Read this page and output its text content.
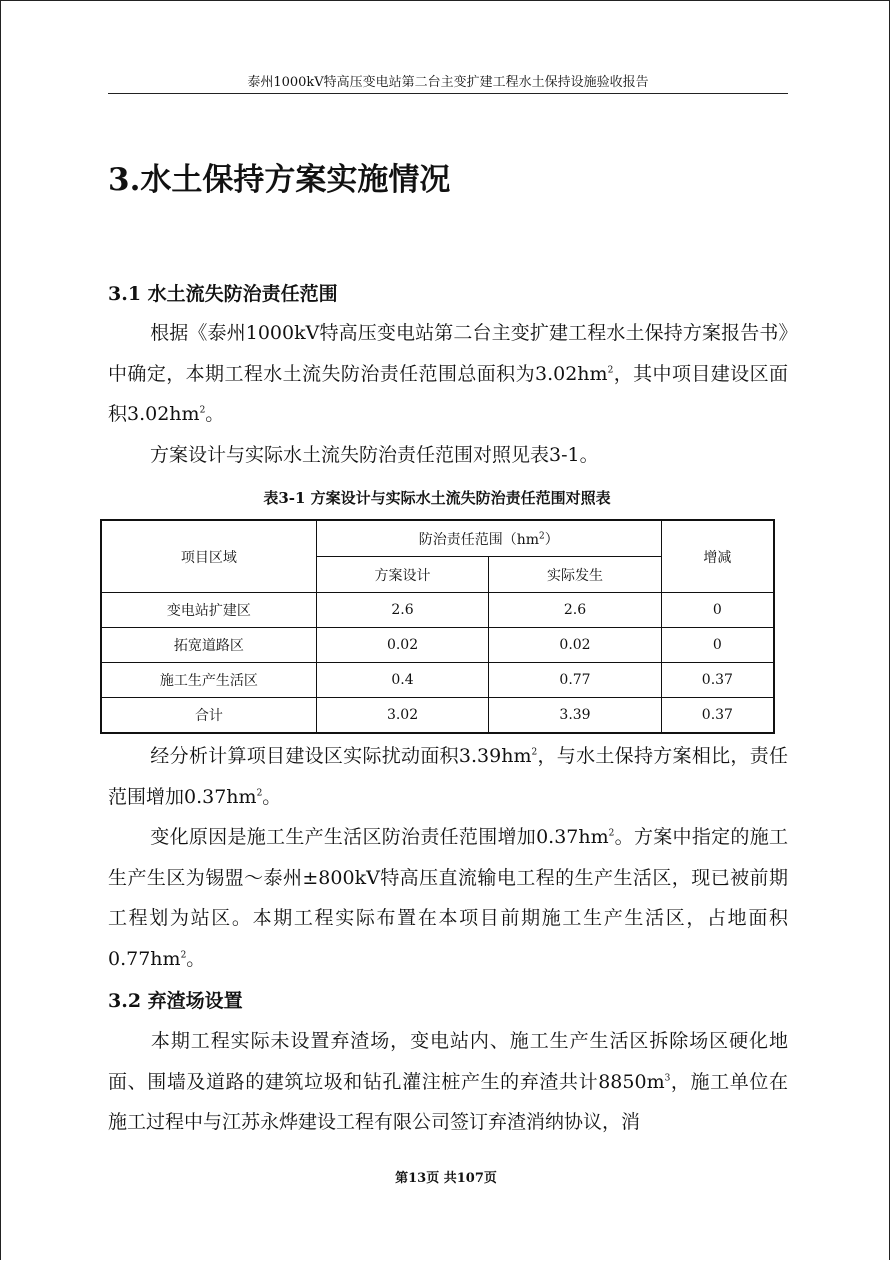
泰州1000kV特高压变电站第二台主变扩建工程水土保持设施验收报告
3.水土保持方案实施情况
3.1 水土流失防治责任范围

根据《泰州1000kV特高压变电站第二台主变扩建工程水土保持方案报告书》中确定，本期工程水土流失防治责任范围总面积为$3.02hm^2$，其中项目建设区面积$3.02hm^2$。

方案设计与实际水土流失防治责任范围对照见表3-1。

表3-1 方案设计与实际水土流失防治责任范围对照表
项目区域	防治责任范围$(hm^2)$		增减
	方案设计	实际发生	
变电站扩建区	2.6	2.6	0
拓宽道路区	0.02	0.02	0
施工生产生活区	0.4	0.77	0.37
合计	3.02	3.39	0.37

经分析计算项目建设区实际扰动面积$3.39hm^2$，与水土保持方案相比，责任范围增加$0.37hm^2$。

变化原因是施工生产生活区防治责任范围增加$0.37hm^2$。方案中指定的施工生产生区为锡盟～泰州±800kV特高压直流输电工程的生产生活区，现已被前期工程划为站区。本期工程实际布置在本项目前期施工生产生活区，占地面积$0.77hm^2$。

3.2 弃渣场设置

本期工程实际未设置弃渣场，变电站内、施工生产生活区拆除场区硬化地面、围墙及道路的建筑垃圾和钻孔灌注桩产生的弃渣共计$8850m^3$，施工单位在施工过程中与江苏永烨建设工程有限公司签订弃渣消纳协议，消

第13页 共107页
